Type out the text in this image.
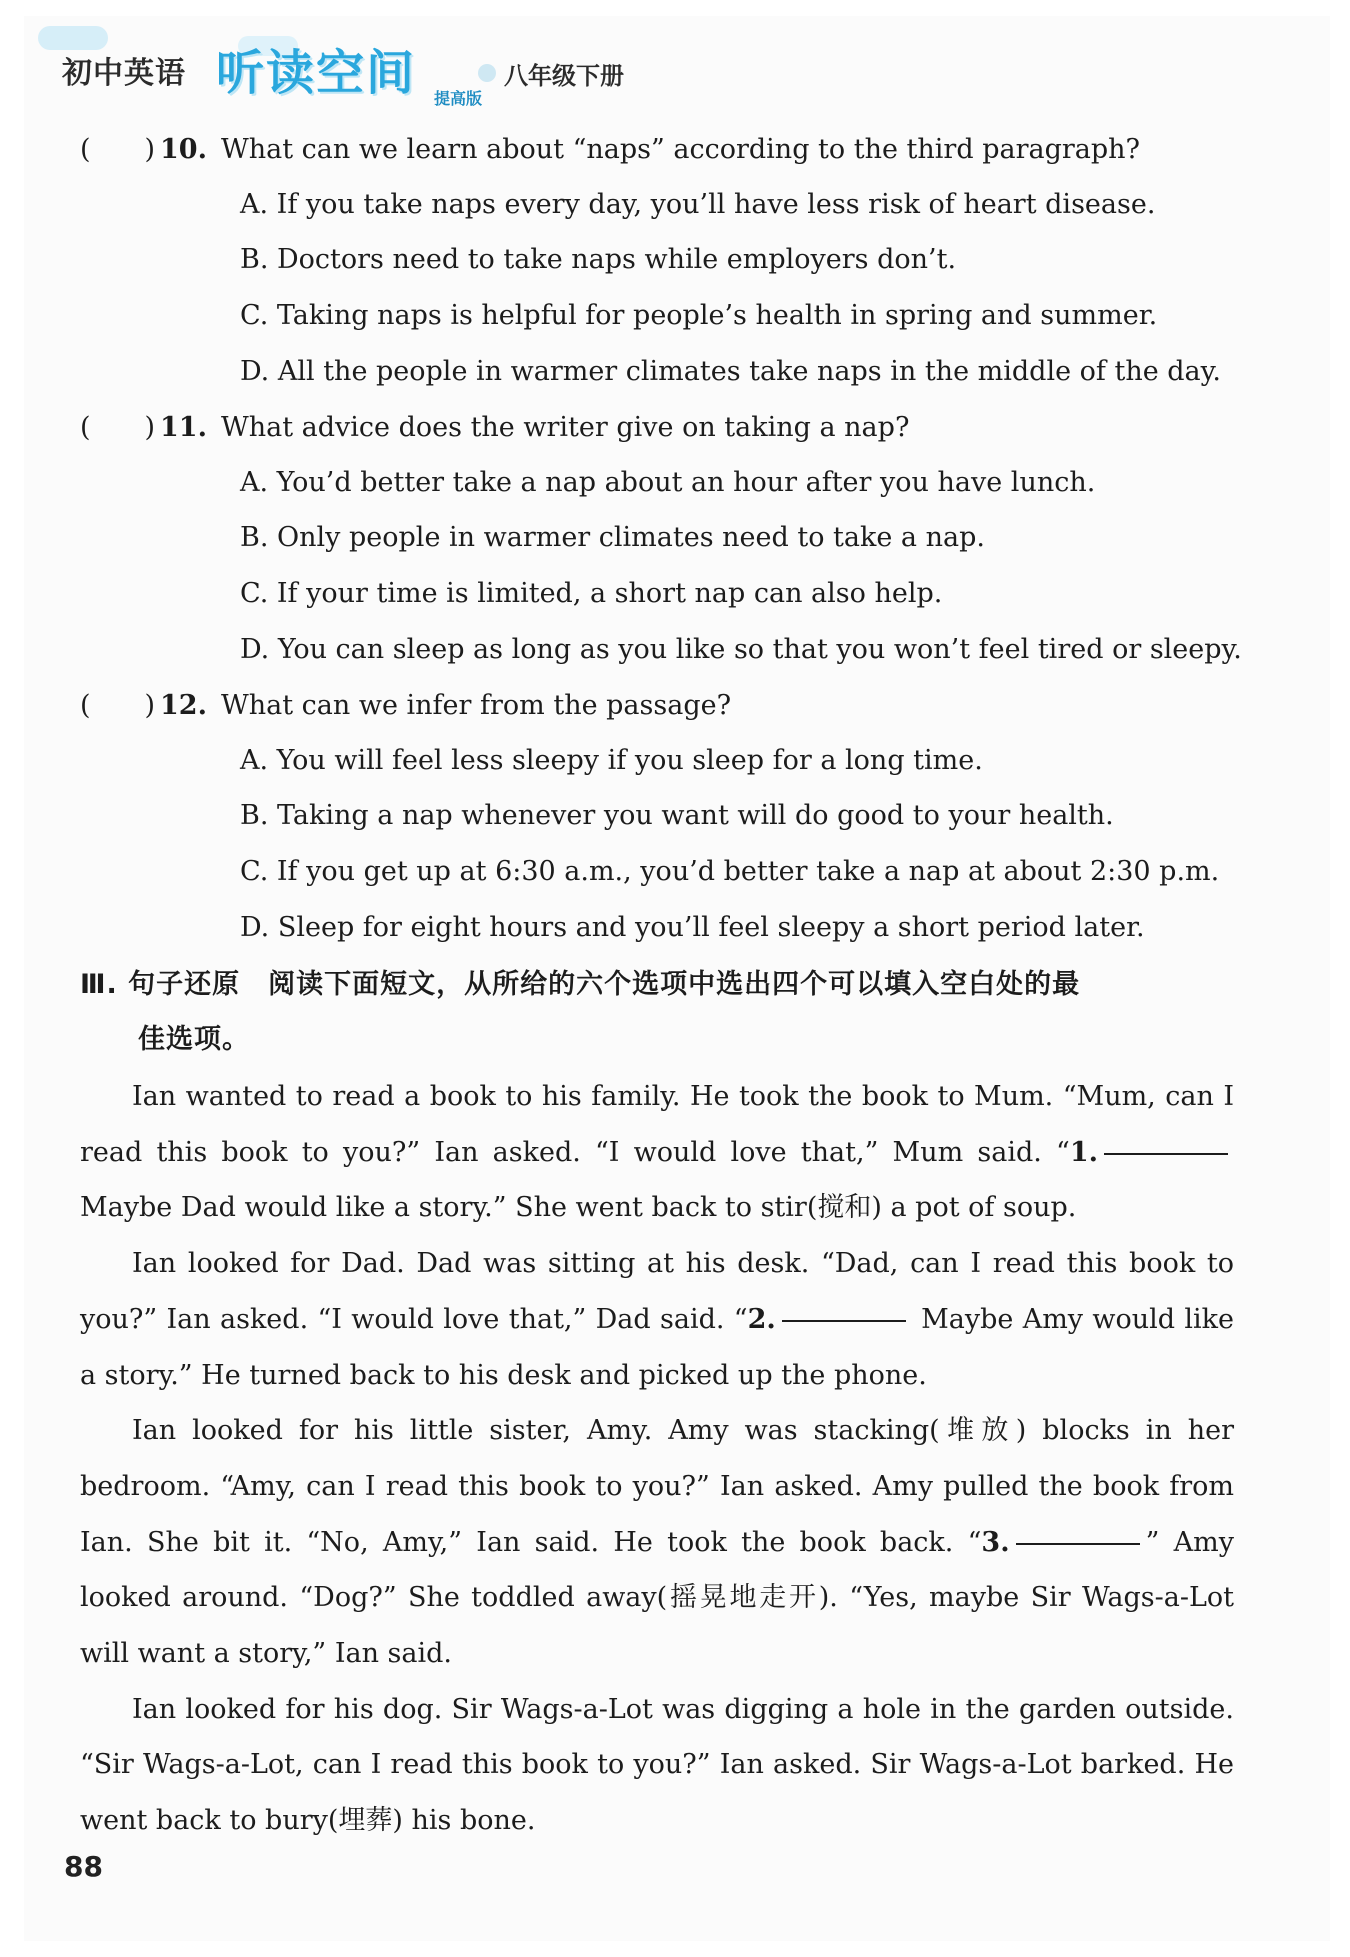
初中英语 听读空间 提高版
八年级下册
(　　) 10. What can we learn about “naps” according to the third paragraph?
A. If you take naps every day, you’ll have less risk of heart disease.
B. Doctors need to take naps while employers don’t.
C. Taking naps is helpful for people’s health in spring and summer.
D. All the people in warmer climates take naps in the middle of the day.
(　　) 11. What advice does the writer give on taking a nap?
A. You’d better take a nap about an hour after you have lunch.
B. Only people in warmer climates need to take a nap.
C. If your time is limited, a short nap can also help.
D. You can sleep as long as you like so that you won’t feel tired or sleepy.
(　　) 12. What can we infer from the passage?
A. You will feel less sleepy if you sleep for a long time.
B. Taking a nap whenever you want will do good to your health.
C. If you get up at 6:30 a.m., you’d better take a nap at about 2:30 p.m.
D. Sleep for eight hours and you’ll feel sleepy a short period later.
Ⅲ. 句子还原　阅读下面短文，从所给的六个选项中选出四个可以填入空白处的最
佳选项。

Ian wanted to read a book to his family. He took the book to Mum. “Mum, can I read this book to you?” Ian asked. “I would love that,” Mum said. “1. Maybe Dad would like a story.” She went back to stir(搅和) a pot of soup.

Ian looked for Dad. Dad was sitting at his desk. “Dad, can I read this book to you?” Ian asked. “I would love that,” Dad said. “2.	Maybe Amy would like a story.” He turned back to his desk and picked up the phone.

Ian looked for his little sister, Amy. Amy was stacking(堆放) blocks in her bedroom. “Amy, can I read this book to you?” Ian asked. Amy pulled the book from Ian. She bit it. “No, Amy,” Ian said. He took the book back. “3.	” Amy looked around. “Dog?” She toddled away(摇晃地走开). “Yes, maybe Sir Wags-a-Lot will want a story,” Ian said.

Ian looked for his dog. Sir Wags-a-Lot was digging a hole in the garden outside. “Sir Wags-a-Lot, can I read this book to you?” Ian asked. Sir Wags-a-Lot barked. He went back to bury(埋葬) his bone.

88
